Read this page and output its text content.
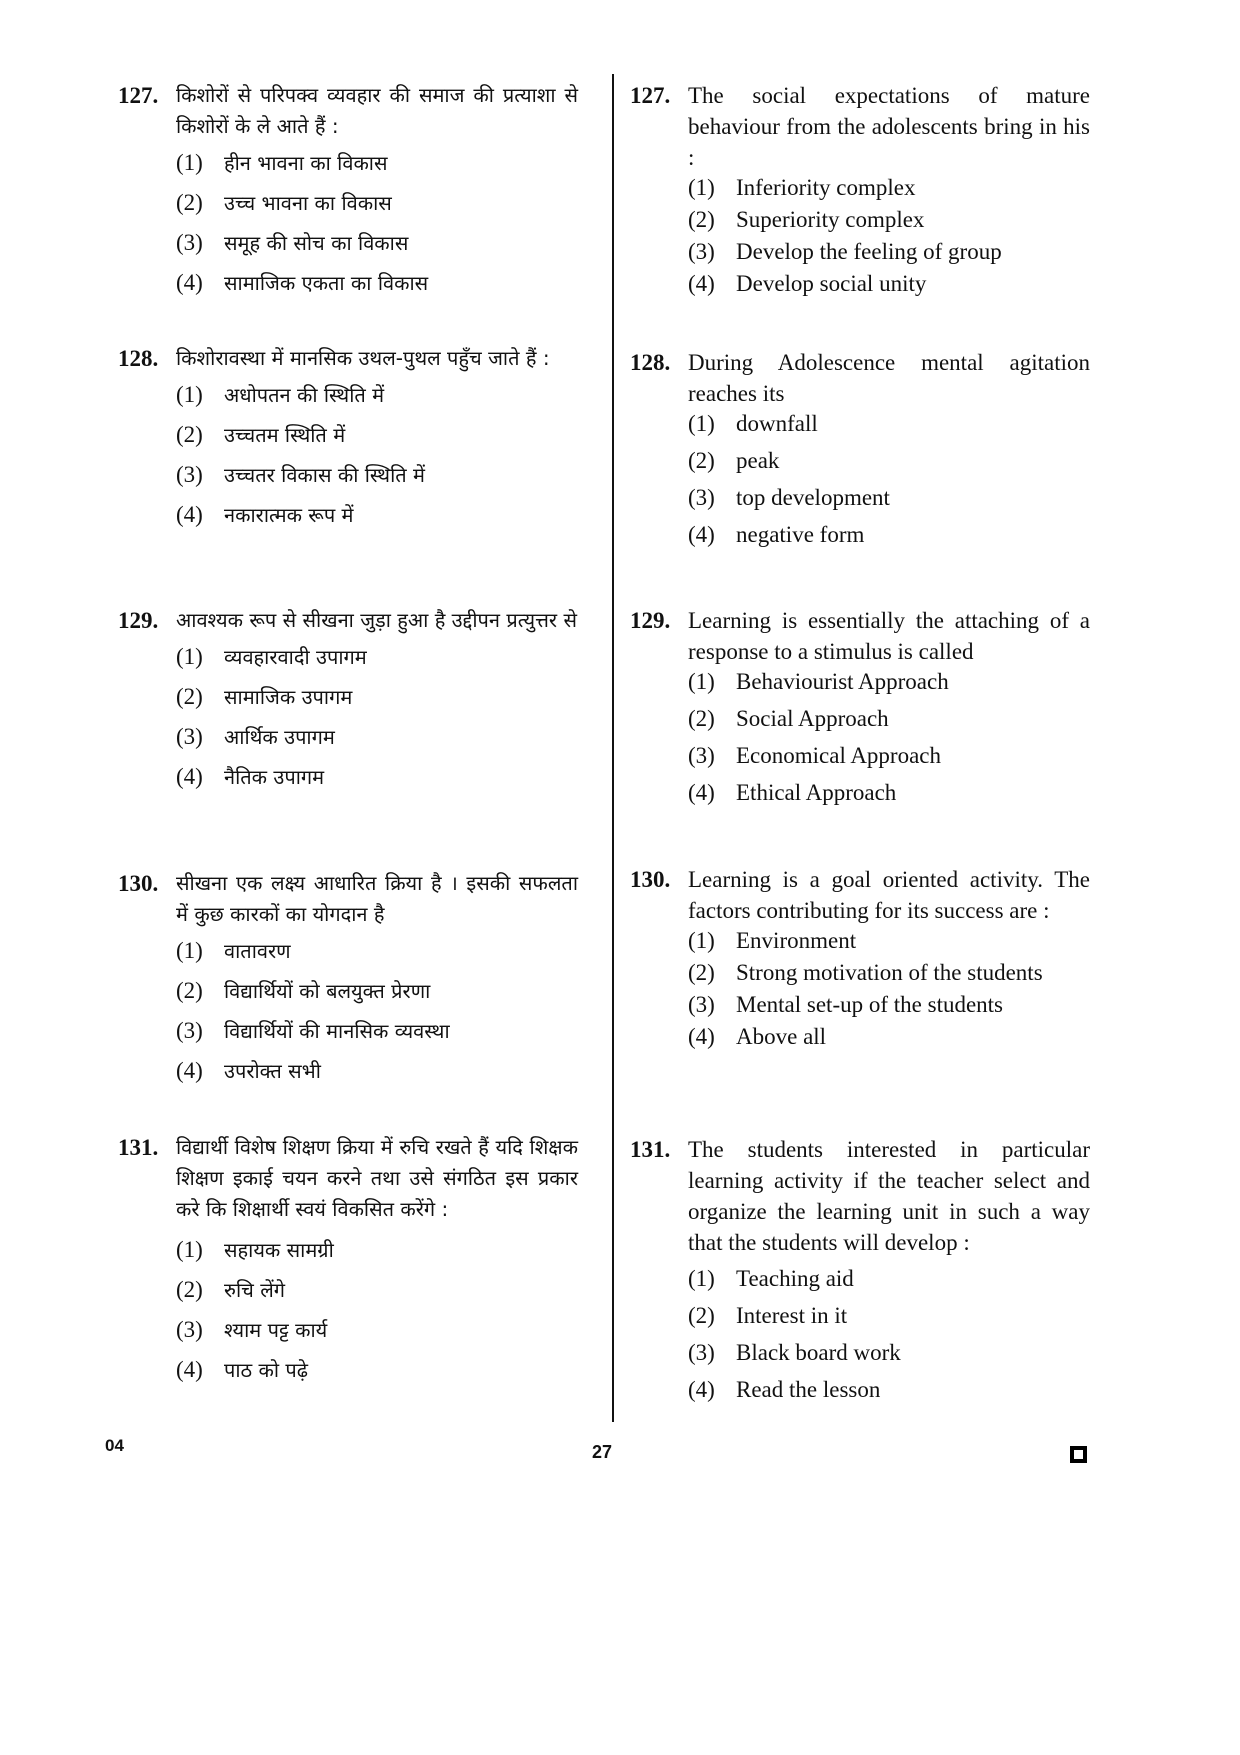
127. किशोरों से परिपक्व व्यवहार की समाज की प्रत्याशा से किशोरों के ले आते हैं :
(1)	हीन भावना का विकास
(2)	उच्च भावना का विकास
(3)	समूह की सोच का विकास
(4)	सामाजिक एकता का विकास
127. The social expectations of mature behaviour from the adolescents bring in his :
(1) Inferiority complex
(2) Superiority complex
(3) Develop the feeling of group
(4) Develop social unity
128. किशोरावस्था में मानसिक उथल-पुथल पहुँच जाते हैं :
(1)	अधोपतन की स्थिति में
(2)	उच्चतम स्थिति में
(3)	उच्चतर विकास की स्थिति में
(4)	नकारात्मक रूप में
128. During Adolescence mental agitation reaches its
(1) downfall
(2) peak
(3) top development
(4) negative form
129. आवश्यक रूप से सीखना जुड़ा हुआ है उद्दीपन प्रत्युत्तर से
(1)	व्यवहारवादी उपागम
(2)	सामाजिक उपागम
(3)	आर्थिक उपागम
(4)	नैतिक उपागम
129. Learning is essentially the attaching of a response to a stimulus is called
(1) Behaviourist Approach
(2) Social Approach
(3) Economical Approach
(4) Ethical Approach
130. सीखना एक लक्ष्य आधारित क्रिया है । इसकी सफलता में कुछ कारकों का योगदान है
(1)	वातावरण
(2)	विद्यार्थियों को बलयुक्त प्रेरणा
(3)	विद्यार्थियों की मानसिक व्यवस्था
(4)	उपरोक्त सभी
130. Learning is a goal oriented activity. The factors contributing for its success are :
(1) Environment
(2) Strong motivation of the students
(3) Mental set-up of the students
(4) Above all
131. विद्यार्थी विशेष शिक्षण क्रिया में रुचि रखते हैं यदि शिक्षक शिक्षण इकाई चयन करने तथा उसे संगठित इस प्रकार करे कि शिक्षार्थी स्वयं विकसित करेंगे :
(1)	सहायक सामग्री
(2)	रुचि लेंगे
(3)	श्याम पट्ट कार्य
(4)	पाठ को पढ़े
131. The students interested in particular learning activity if the teacher select and organize the learning unit in such a way that the students will develop :
(1) Teaching aid
(2) Interest in it
(3) Black board work
(4) Read the lesson
04	27
